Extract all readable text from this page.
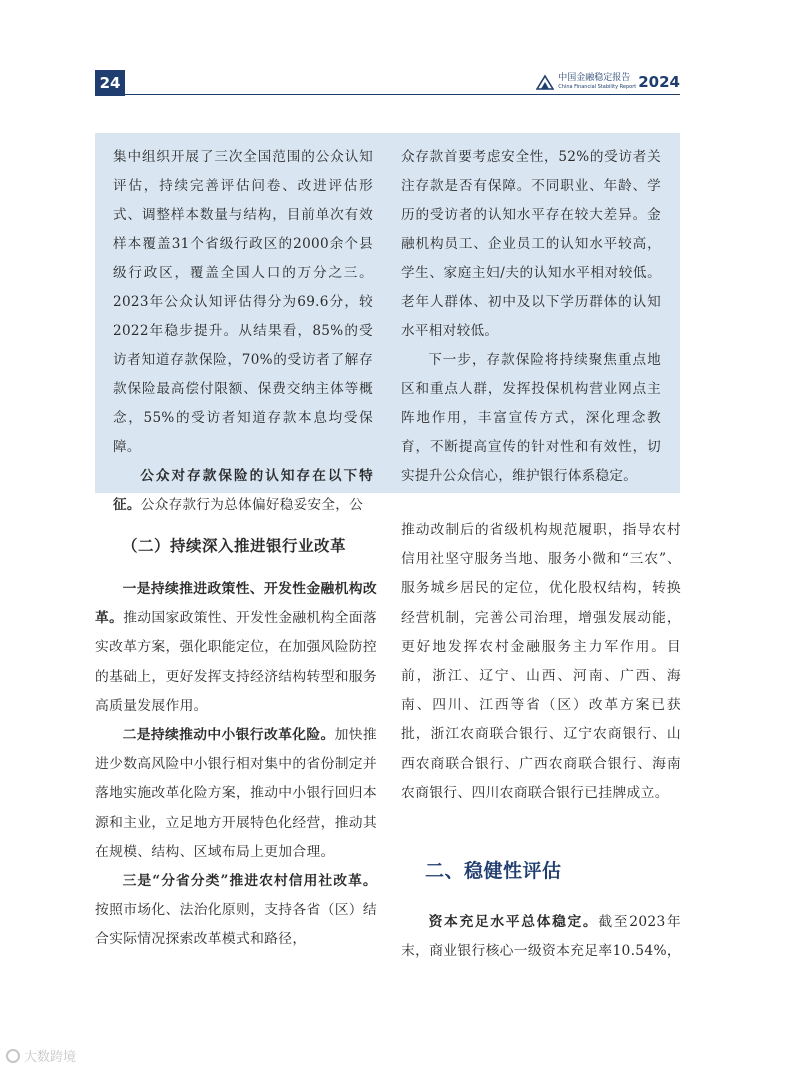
24	中国金融稳定报告
China Financial Stability Report 2024

集中组织开展了三次全国范围的公众认知评估，持续完善评估问卷、改进评估形式、调整样本数量与结构，目前单次有效样本覆盖31个省级行政区的2000余个县级行政区，覆盖全国人口的万分之三。2023年公众认知评估得分为69.6分，较2022年稳步提升。从结果看，85%的受访者知道存款保险，70%的受访者了解存款保险最高偿付限额、保费交纳主体等概念，55%的受访者知道存款本息均受保障。

公众对存款保险的认知存在以下特征。公众存款行为总体偏好稳妥安全，公

众存款首要考虑安全性，52%的受访者关注存款是否有保障。不同职业、年龄、学历的受访者的认知水平存在较大差异。金融机构员工、企业员工的认知水平较高，学生、家庭主妇/夫的认知水平相对较低。老年人群体、初中及以下学历群体的认知水平相对较低。

下一步，存款保险将持续聚焦重点地区和重点人群，发挥投保机构营业网点主阵地作用，丰富宣传方式，深化理念教育，不断提高宣传的针对性和有效性，切实提升公众信心，维护银行体系稳定。

（二）持续深入推进银行业改革

一是持续推进政策性、开发性金融机构改革。推动国家政策性、开发性金融机构全面落实改革方案，强化职能定位，在加强风险防控的基础上，更好发挥支持经济结构转型和服务高质量发展作用。

二是持续推动中小银行改革化险。加快推进少数高风险中小银行相对集中的省份制定并落地实施改革化险方案，推动中小银行回归本源和主业，立足地方开展特色化经营，推动其在规模、结构、区域布局上更加合理。

三是“分省分类”推进农村信用社改革。按照市场化、法治化原则，支持各省（区）结合实际情况探索改革模式和路径，

推动改制后的省级机构规范履职，指导农村信用社坚守服务当地、服务小微和“三农”、服务城乡居民的定位，优化股权结构，转换经营机制，完善公司治理，增强发展动能，更好地发挥农村金融服务主力军作用。目前，浙江、辽宁、山西、河南、广西、海南、四川、江西等省（区）改革方案已获批，浙江农商联合银行、辽宁农商银行、山西农商联合银行、广西农商联合银行、海南农商银行、四川农商联合银行已挂牌成立。

二、稳健性评估

资本充足水平总体稳定。截至2023年末，商业银行核心一级资本充足率10.54%，

大数跨境
